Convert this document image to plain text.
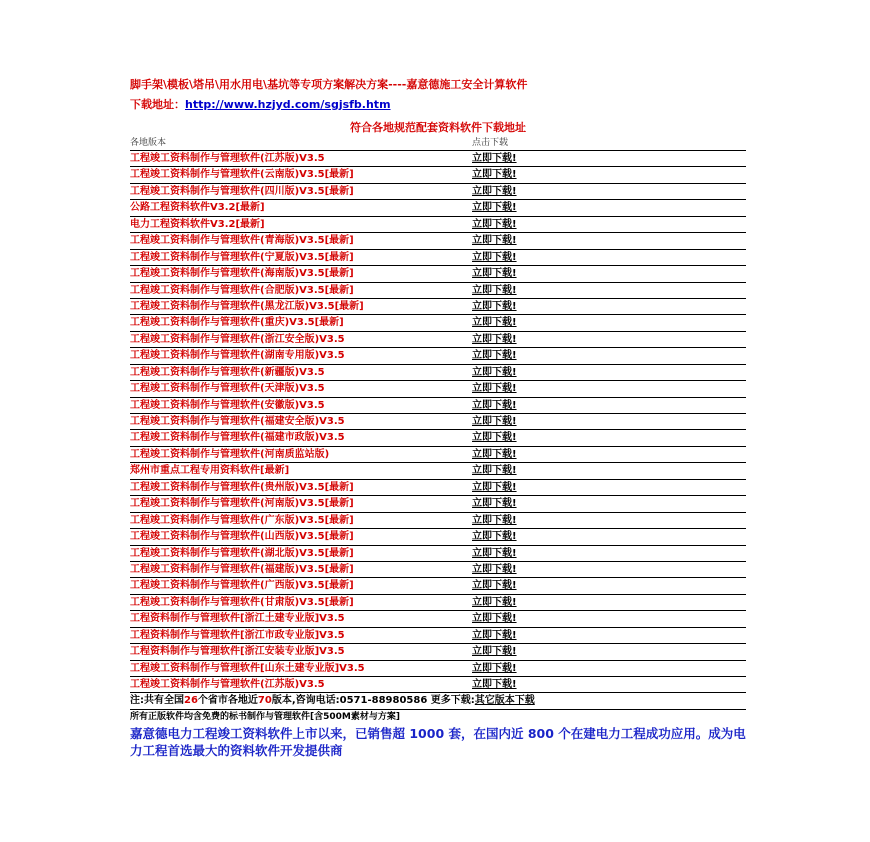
脚手架\模板\塔吊\用水用电\基坑等专项方案解决方案----嘉意德施工安全计算软件
下载地址：http://www.hzjyd.com/sgjsfb.htm
符合各地规范配套资料软件下载地址
各地版本	点击下载
工程竣工资料制作与管理软件(江苏版)V3.5	立即下载!
工程竣工资料制作与管理软件(云南版)V3.5[最新]	立即下载!
工程竣工资料制作与管理软件(四川版)V3.5[最新]	立即下载!
公路工程资料软件V3.2[最新]	立即下载!
电力工程资料软件V3.2[最新]	立即下载!
工程竣工资料制作与管理软件(青海版)V3.5[最新]	立即下载!
工程竣工资料制作与管理软件(宁夏版)V3.5[最新]	立即下载!
工程竣工资料制作与管理软件(海南版)V3.5[最新]	立即下载!
工程竣工资料制作与管理软件(合肥版)V3.5[最新]	立即下载!
工程竣工资料制作与管理软件(黑龙江版)V3.5[最新]	立即下载!
工程竣工资料制作与管理软件(重庆)V3.5[最新]	立即下载!
工程竣工资料制作与管理软件(浙江安全版)V3.5	立即下载!
工程竣工资料制作与管理软件(湖南专用版)V3.5	立即下载!
工程竣工资料制作与管理软件(新疆版)V3.5	立即下载!
工程竣工资料制作与管理软件(天津版)V3.5	立即下载!
工程竣工资料制作与管理软件(安徽版)V3.5	立即下载!
工程竣工资料制作与管理软件(福建安全版)V3.5	立即下载!
工程竣工资料制作与管理软件(福建市政版)V3.5	立即下载!
工程竣工资料制作与管理软件(河南质监站版)	立即下载!
郑州市重点工程专用资料软件[最新]	立即下载!
工程竣工资料制作与管理软件(贵州版)V3.5[最新]	立即下载!
工程竣工资料制作与管理软件(河南版)V3.5[最新]	立即下载!
工程竣工资料制作与管理软件(广东版)V3.5[最新]	立即下载!
工程竣工资料制作与管理软件(山西版)V3.5[最新]	立即下载!
工程竣工资料制作与管理软件(湖北版)V3.5[最新]	立即下载!
工程竣工资料制作与管理软件(福建版)V3.5[最新]	立即下载!
工程竣工资料制作与管理软件(广西版)V3.5[最新]	立即下载!
工程竣工资料制作与管理软件(甘肃版)V3.5[最新]	立即下载!
工程资料制作与管理软件[浙江土建专业版]V3.5	立即下载!
工程资料制作与管理软件[浙江市政专业版]V3.5	立即下载!
工程资料制作与管理软件[浙江安装专业版]V3.5	立即下载!
工程竣工资料制作与管理软件[山东土建专业版]V3.5	立即下载!
工程竣工资料制作与管理软件(江苏版)V3.5	立即下载!
注:共有全国26个省市各地近70版本,咨询电话:0571-88980586 更多下载:其它版本下载
所有正版软件均含免费的标书制作与管理软件[含500M素材与方案]
嘉意德电力工程竣工资料软件上市以来，已销售超 1000 套，在国内近 800 个在建电力工程成功应用。成为电力工程首选最大的资料软件开发提供商
